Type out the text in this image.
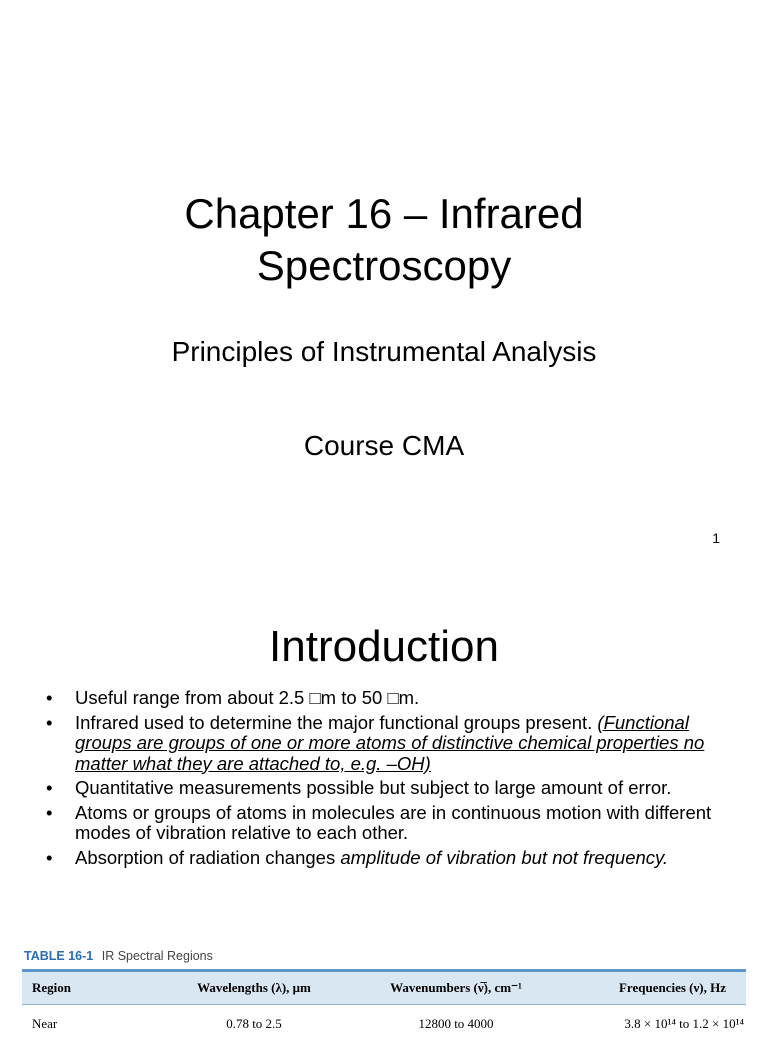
Chapter 16 – Infrared
Spectroscopy
Principles of Instrumental Analysis
Course CMA
1
Introduction
• Useful range from about 2.5 □m to 50 □m.
• Infrared used to determine the major functional groups present. (Functional groups are groups of one or more atoms of distinctive chemical properties no matter what they are attached to, e.g. –OH)
• Quantitative measurements possible but subject to large amount of error.
• Atoms or groups of atoms in molecules are in continuous motion with different modes of vibration relative to each other.
• Absorption of radiation changes amplitude of vibration but not frequency.
TABLE 16-1 IR Spectral Regions
Region	Wavelengths (λ), μm	Wavenumbers (ν̅), cm⁻¹	Frequencies (ν), Hz
Near	0.78 to 2.5	12800 to 4000	3.8 × 10¹⁴ to 1.2 × 10¹⁴
